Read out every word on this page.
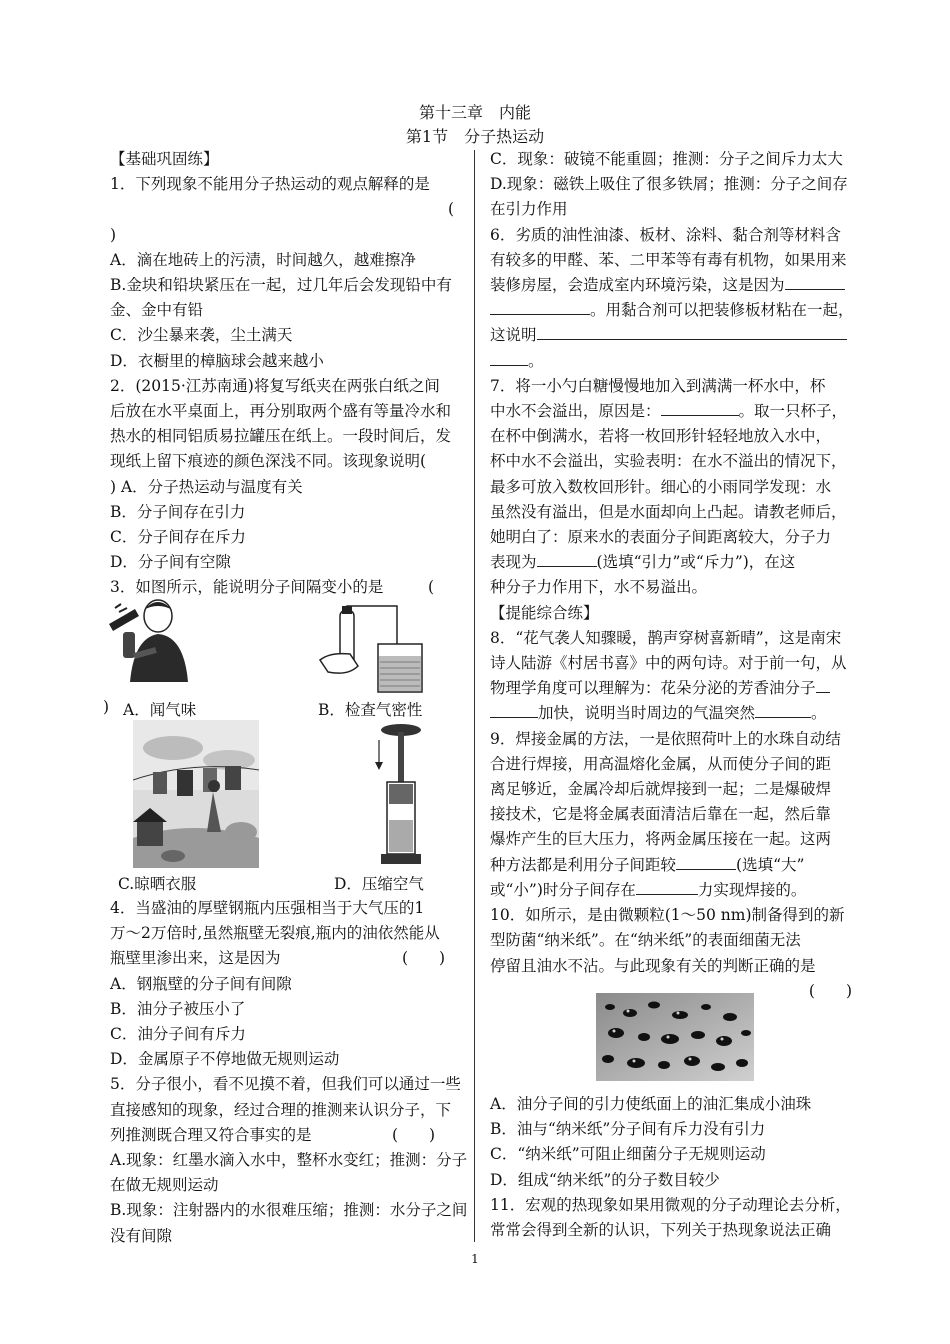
第十三章　内能
第1节　分子热运动

【基础巩固练】

1．下列现象不能用分子热运动的观点解释的是

(

)

A．滴在地砖上的污渍，时间越久，越难擦净

B.金块和铅块紧压在一起，过几年后会发现铅中有

金、金中有铅

C．沙尘暴来袭，尘土满天

D．衣橱里的樟脑球会越来越小

2．(2015·江苏南通)将复写纸夹在两张白纸之间

后放在水平桌面上，再分别取两个盛有等量冷水和

热水的相同铝质易拉罐压在纸上。一段时间后，发

现纸上留下痕迹的颜色深浅不同。该现象说明(

) A．分子热运动与温度有关

B．分子间存在引力

C．分子间存在斥力

D．分子间有空隙

3．如图所示，能说明分子间隔变小的是	(

) A．闻气味	B．检查气密性
C.晾晒衣服	D．压缩空气

4．当盛油的厚壁钢瓶内压强相当于大气压的1

万～2万倍时,虽然瓶壁无裂痕,瓶内的油依然能从

瓶壁里渗出来，这是因为	(　　)

A．钢瓶壁的分子间有间隙

B．油分子被压小了

C．油分子间有斥力

D．金属原子不停地做无规则运动

5．分子很小，看不见摸不着，但我们可以通过一些

直接感知的现象，经过合理的推测来认识分子，下

列推测既合理又符合事实的是	(　　)

A.现象：红墨水滴入水中，整杯水变红；推测：分子

在做无规则运动

B.现象：注射器内的水很难压缩；推测：水分子之间

没有间隙

C．现象：破镜不能重圆；推测：分子之间斥力太大

D.现象：磁铁上吸住了很多铁屑；推测：分子之间存

在引力作用

6．劣质的油性油漆、板材、涂料、黏合剂等材料含

有较多的甲醛、苯、二甲苯等有毒有机物，如果用来

装修房屋，会造成室内环境污染，这是因为

。用黏合剂可以把装修板材粘在一起，

这说明

。

7．将一小勺白糖慢慢地加入到满满一杯水中，杯

中水不会溢出，原因是：	。取一只杯子，

在杯中倒满水，若将一枚回形针轻轻地放入水中，

杯中水不会溢出，实验表明：在水不溢出的情况下，

最多可放入数枚回形针。细心的小雨同学发现：水

虽然没有溢出，但是水面却向上凸起。请教老师后，

她明白了：原来水的表面分子间距离较大，分子力

表现为	(选填“引力”或“斥力”)，在这

种分子力作用下，水不易溢出。

【提能综合练】

8．“花气袭人知骤暖，鹊声穿树喜新晴”，这是南宋

诗人陆游《村居书喜》中的两句诗。对于前一句，从

物理学角度可以理解为：花朵分泌的芳香油分子

加快，说明当时周边的气温突然	。

9．焊接金属的方法，一是依照荷叶上的水珠自动结

合进行焊接，用高温熔化金属，从而使分子间的距

离足够近，金属冷却后就焊接到一起；二是爆破焊

接技术，它是将金属表面清洁后靠在一起，然后靠

爆炸产生的巨大压力，将两金属压接在一起。这两

种方法都是利用分子间距较	(选填“大”

或“小”)时分子间存在	力实现焊接的。

10．如所示，是由微颗粒(1～50 nm)制备得到的新

型防菌“纳米纸”。在“纳米纸”的表面细菌无法

停留且油水不沾。与此现象有关的判断正确的是

(　　)

A．油分子间的引力使纸面上的油汇集成小油珠

B．油与“纳米纸”分子间有斥力没有引力

C．“纳米纸”可阻止细菌分子无规则运动

D．组成“纳米纸”的分子数目较少

11．宏观的热现象如果用微观的分子动理论去分析，

常常会得到全新的认识，下列关于热现象说法正确

1
